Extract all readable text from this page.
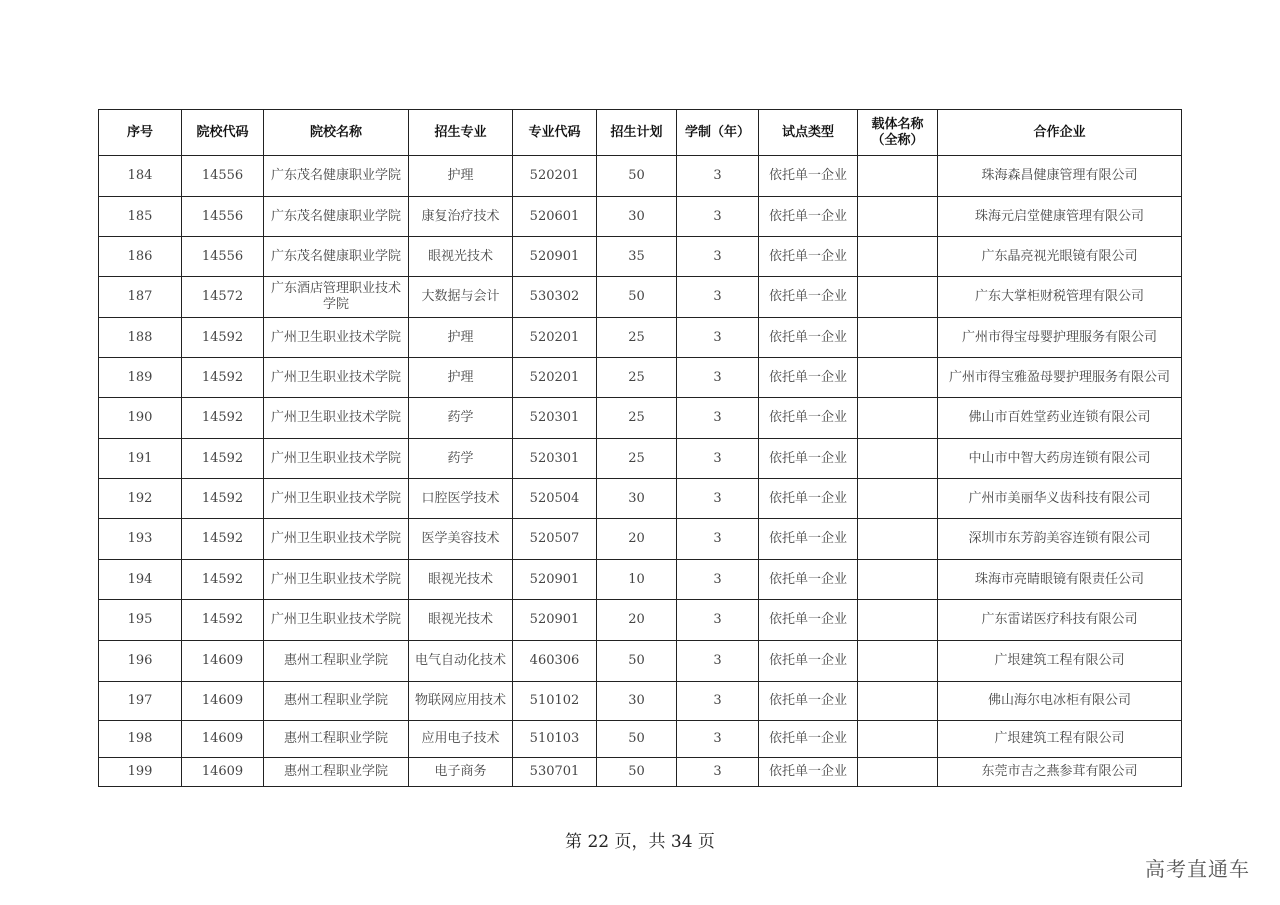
序号	院校代码	院校名称	招生专业	专业代码	招生计划	学制（年）	试点类型	载体名称（全称）	合作企业
184	14556	广东茂名健康职业学院	护理	520201	50	3	依托单一企业		珠海森昌健康管理有限公司
185	14556	广东茂名健康职业学院	康复治疗技术	520601	30	3	依托单一企业		珠海元启堂健康管理有限公司
186	14556	广东茂名健康职业学院	眼视光技术	520901	35	3	依托单一企业		广东晶亮视光眼镜有限公司
187	14572	广东酒店管理职业技术学院	大数据与会计	530302	50	3	依托单一企业		广东大掌柜财税管理有限公司
188	14592	广州卫生职业技术学院	护理	520201	25	3	依托单一企业		广州市得宝母婴护理服务有限公司
189	14592	广州卫生职业技术学院	护理	520201	25	3	依托单一企业		广州市得宝雅盈母婴护理服务有限公司
190	14592	广州卫生职业技术学院	药学	520301	25	3	依托单一企业		佛山市百姓堂药业连锁有限公司
191	14592	广州卫生职业技术学院	药学	520301	25	3	依托单一企业		中山市中智大药房连锁有限公司
192	14592	广州卫生职业技术学院	口腔医学技术	520504	30	3	依托单一企业		广州市美丽华义齿科技有限公司
193	14592	广州卫生职业技术学院	医学美容技术	520507	20	3	依托单一企业		深圳市东芳韵美容连锁有限公司
194	14592	广州卫生职业技术学院	眼视光技术	520901	10	3	依托单一企业		珠海市亮睛眼镜有限责任公司
195	14592	广州卫生职业技术学院	眼视光技术	520901	20	3	依托单一企业		广东雷诺医疗科技有限公司
196	14609	惠州工程职业学院	电气自动化技术	460306	50	3	依托单一企业		广垠建筑工程有限公司
197	14609	惠州工程职业学院	物联网应用技术	510102	30	3	依托单一企业		佛山海尔电冰柜有限公司
198	14609	惠州工程职业学院	应用电子技术	510103	50	3	依托单一企业		广垠建筑工程有限公司
199	14609	惠州工程职业学院	电子商务	530701	50	3	依托单一企业		东莞市吉之燕参茸有限公司
第 22 页，共 34 页
高考直通车
